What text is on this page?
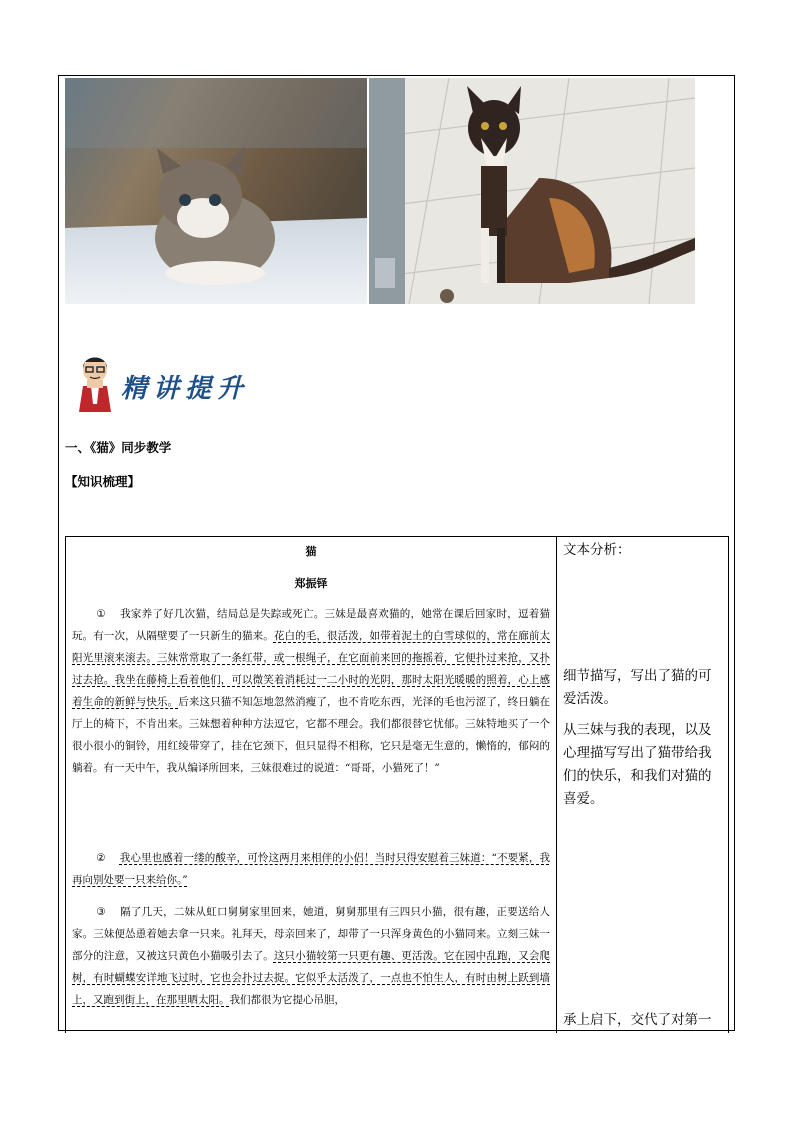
精讲提升
一、《猫》同步教学
【知识梳理】
猫
郑振铎
① 我家养了好几次猫，结局总是失踪或死亡。三妹是最喜欢猫的，她常在课后回家时，逗着猫玩。有一次，从隔壁要了一只新生的猫来。花白的毛，很活泼，如带着泥土的白雪球似的，常在廊前太阳光里滚来滚去。三妹常常取了一条红带，或一根绳子，在它面前来回的拖摇着，它便扑过来抢，又扑过去抢。我坐在藤椅上看着他们，可以微笑着消耗过一二小时的光阴，那时太阳光暖暖的照着，心上感着生命的新鲜与快乐。后来这只猫不知怎地忽然消瘦了，也不肯吃东西，光泽的毛也污涩了，终日躺在厅上的椅下，不肯出来。三妹想着种种方法逗它，它都不理会。我们都很替它忧郁。三妹特地买了一个很小很小的铜铃，用红绫带穿了，挂在它颈下，但只显得不相称，它只是毫无生意的，懒惰的，郁闷的躺着。有一天中午，我从编译所回来，三妹很难过的说道：“哥哥，小猫死了！”
② 我心里也感着一缕的酸辛，可怜这两月来相伴的小侣！当时只得安慰着三妹道：“不要紧，我再向别处要一只来给你。”
③ 隔了几天，二妹从虹口舅舅家里回来，她道，舅舅那里有三四只小猫，很有趣，正要送给人家。三妹便怂恿着她去拿一只来。礼拜天，母亲回来了，却带了一只浑身黄色的小猫同来。立刻三妹一部分的注意，又被这只黄色小猫吸引去了。这只小猫较第一只更有趣、更活泼。它在园中乱跑，又会爬树，有时蝴蝶安详地飞过时，它也会扑过去捉。它似乎太活泼了，一点也不怕生人，有时由树上跃到墙上，又跑到街上，在那里晒太阳。我们都很为它提心吊胆，
文本分析：
细节描写，写出了猫的可爱活泼。
从三妹与我的表现，以及心理描写写出了猫带给我们的快乐，和我们对猫的喜爱。
承上启下，交代了对第一
